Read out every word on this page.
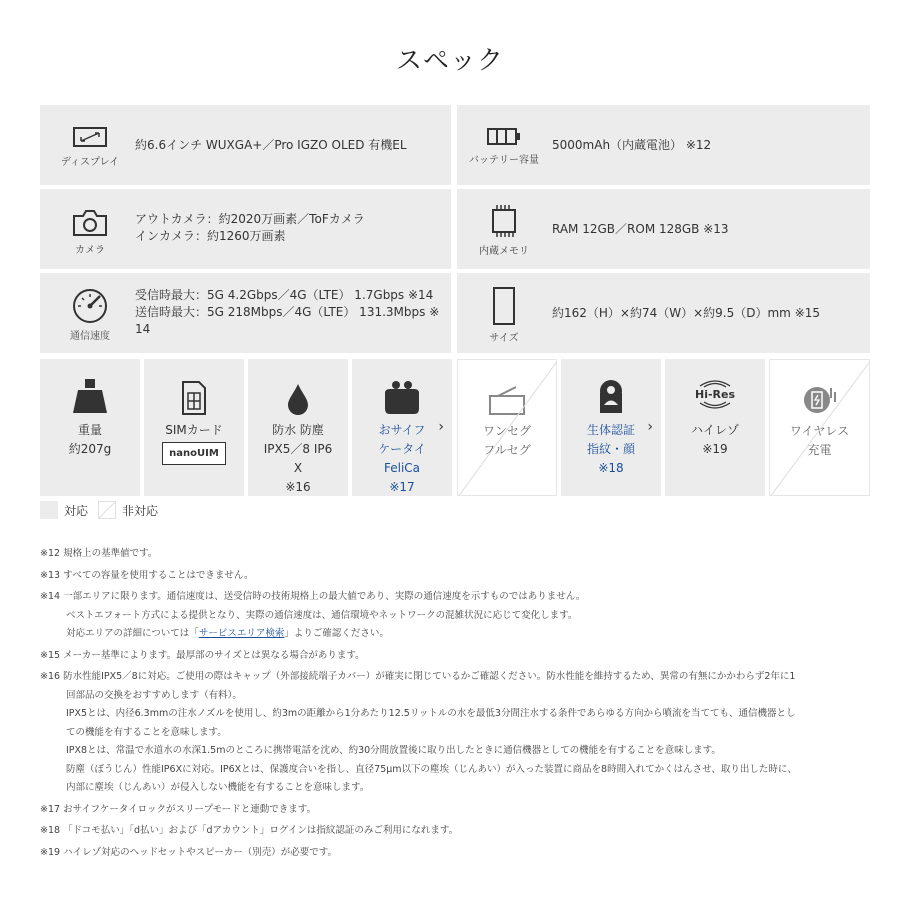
スペック
ディスプレイ
約6.6インチ WUXGA+／Pro IGZO OLED 有機EL
バッテリー容量
5000mAh（内蔵電池） ※12
カメラ
アウトカメラ：約2020万画素／ToFカメラ
インカメラ：約1260万画素
内蔵メモリ
RAM 12GB／ROM 128GB ※13
通信速度
受信時最大：5G 4.2Gbps／4G（LTE） 1.7Gbps ※14
送信時最大：5G 218Mbps／4G（LTE） 131.3Mbps ※
14
サイズ
約162（H）×約74（W）×約9.5（D）mm ※15
重量
約207g
SIMカード
nanoUIM
防水 防塵
IPX5／8 IP6
X
※16
おサイフ
ケータイ
FeliCa
※17
›	ワンセグ
フルセグ
生体認証
指紋・顔
※18
›
Hi-Res
ハイレゾ
※19
ワイヤレス
充電
対応	非対応
※12 規格上の基準値です。
※13 すべての容量を使用することはできません。
※14 一部エリアに限ります。通信速度は、送受信時の技術規格上の最大値であり、実際の通信速度を示すものではありません。
ベストエフォート方式による提供となり、実際の通信速度は、通信環境やネットワークの混雑状況に応じて変化します。
対応エリアの詳細については「サービスエリア検索」よりご確認ください。
※15 メーカー基準によります。最厚部のサイズとは異なる場合があります。
※16 防水性能IPX5／8に対応。ご使用の際はキャップ（外部接続端子カバー）が確実に閉じているかご確認ください。防水性能を維持するため、異常の有無にかかわらず2年に1
回部品の交換をおすすめします（有料）。
IPX5とは、内径6.3mmの注水ノズルを使用し、約3mの距離から1分あたり12.5リットルの水を最低3分間注水する条件であらゆる方向から噴流を当てても、通信機器とし
ての機能を有することを意味します。
IPX8とは、常温で水道水の水深1.5mのところに携帯電話を沈め、約30分間放置後に取り出したときに通信機器としての機能を有することを意味します。
防塵（ぼうじん）性能IP6Xに対応。IP6Xとは、保護度合いを指し、直径75μm以下の塵埃（じんあい）が入った装置に商品を8時間入れてかくはんさせ、取り出した時に、
内部に塵埃（じんあい）が侵入しない機能を有することを意味します。
※17 おサイフケータイロックがスリープモードと連動できます。
※18 「ドコモ払い」「d払い」および「dアカウント」ログインは指紋認証のみご利用になれます。
※19 ハイレゾ対応のヘッドセットやスピーカー（別売）が必要です。
